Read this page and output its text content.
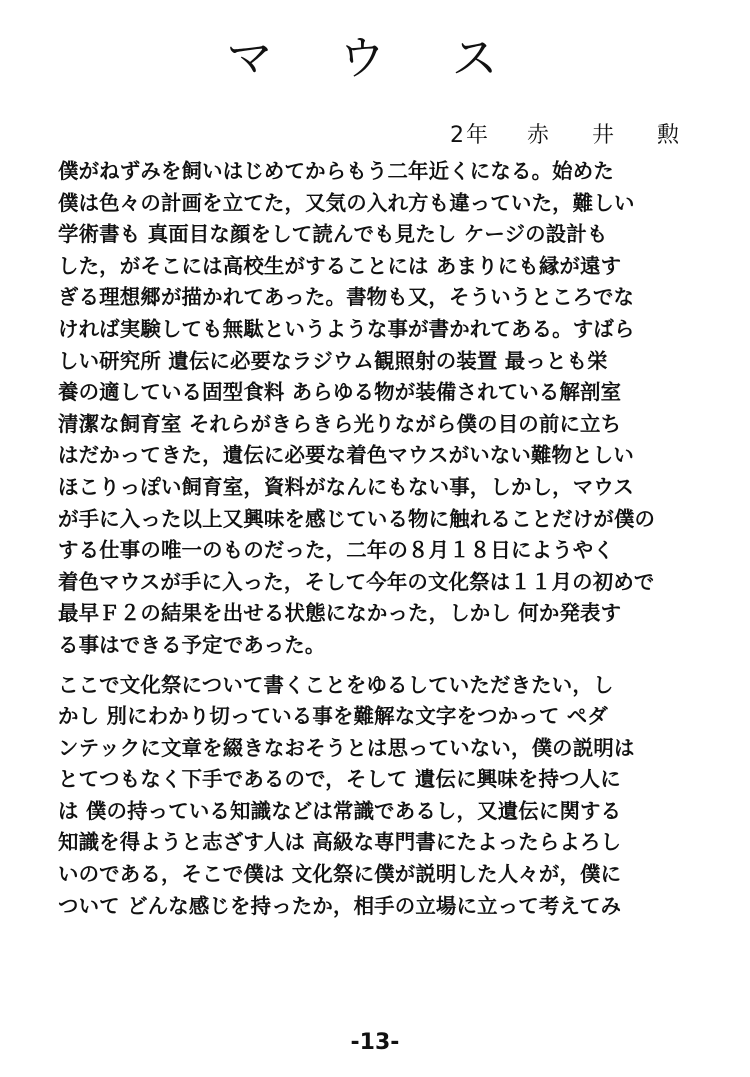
マ ウ ス
2年 赤 井 勲
僕がねずみを飼いはじめてからもう二年近くになる。始めた
僕は色々の計画を立てた，又気の入れ方も違っていた，難しい
学術書も 真面目な顔をして読んでも見たし ケージの設計も
した，がそこには高校生がすることには あまりにも縁が遠す
ぎる理想郷が描かれてあった。書物も又，そういうところでな
ければ実験しても無駄というような事が書かれてある。すばら
しい研究所 遺伝に必要なラジウム観照射の装置 最っとも栄
養の適している固型食料 あらゆる物が装備されている解剖室
清潔な飼育室 それらがきらきら光りながら僕の目の前に立ち
はだかってきた，遺伝に必要な着色マウスがいない難物としい
ほこりっぽい飼育室，資料がなんにもない事，しかし，マウス
が手に入った以上又興味を感じている物に触れることだけが僕の
する仕事の唯一のものだった，二年の８月１８日にようやく
着色マウスが手に入った，そして今年の文化祭は１１月の初めで
最早Ｆ２の結果を出せる状態になかった，しかし 何か発表す
る事はできる予定であった。
ここで文化祭について書くことをゆるしていただきたい，し
かし 別にわかり切っている事を難解な文字をつかって ペダ
ンテックに文章を綴きなおそうとは思っていない，僕の説明は
とてつもなく下手であるので，そして 遺伝に興味を持つ人に
は 僕の持っている知識などは常識であるし，又遺伝に関する
知識を得ようと志ざす人は 高級な専門書にたよったらよろし
いのである，そこで僕は 文化祭に僕が説明した人々が，僕に
ついて どんな感じを持ったか，相手の立場に立って考えてみ
-13-
